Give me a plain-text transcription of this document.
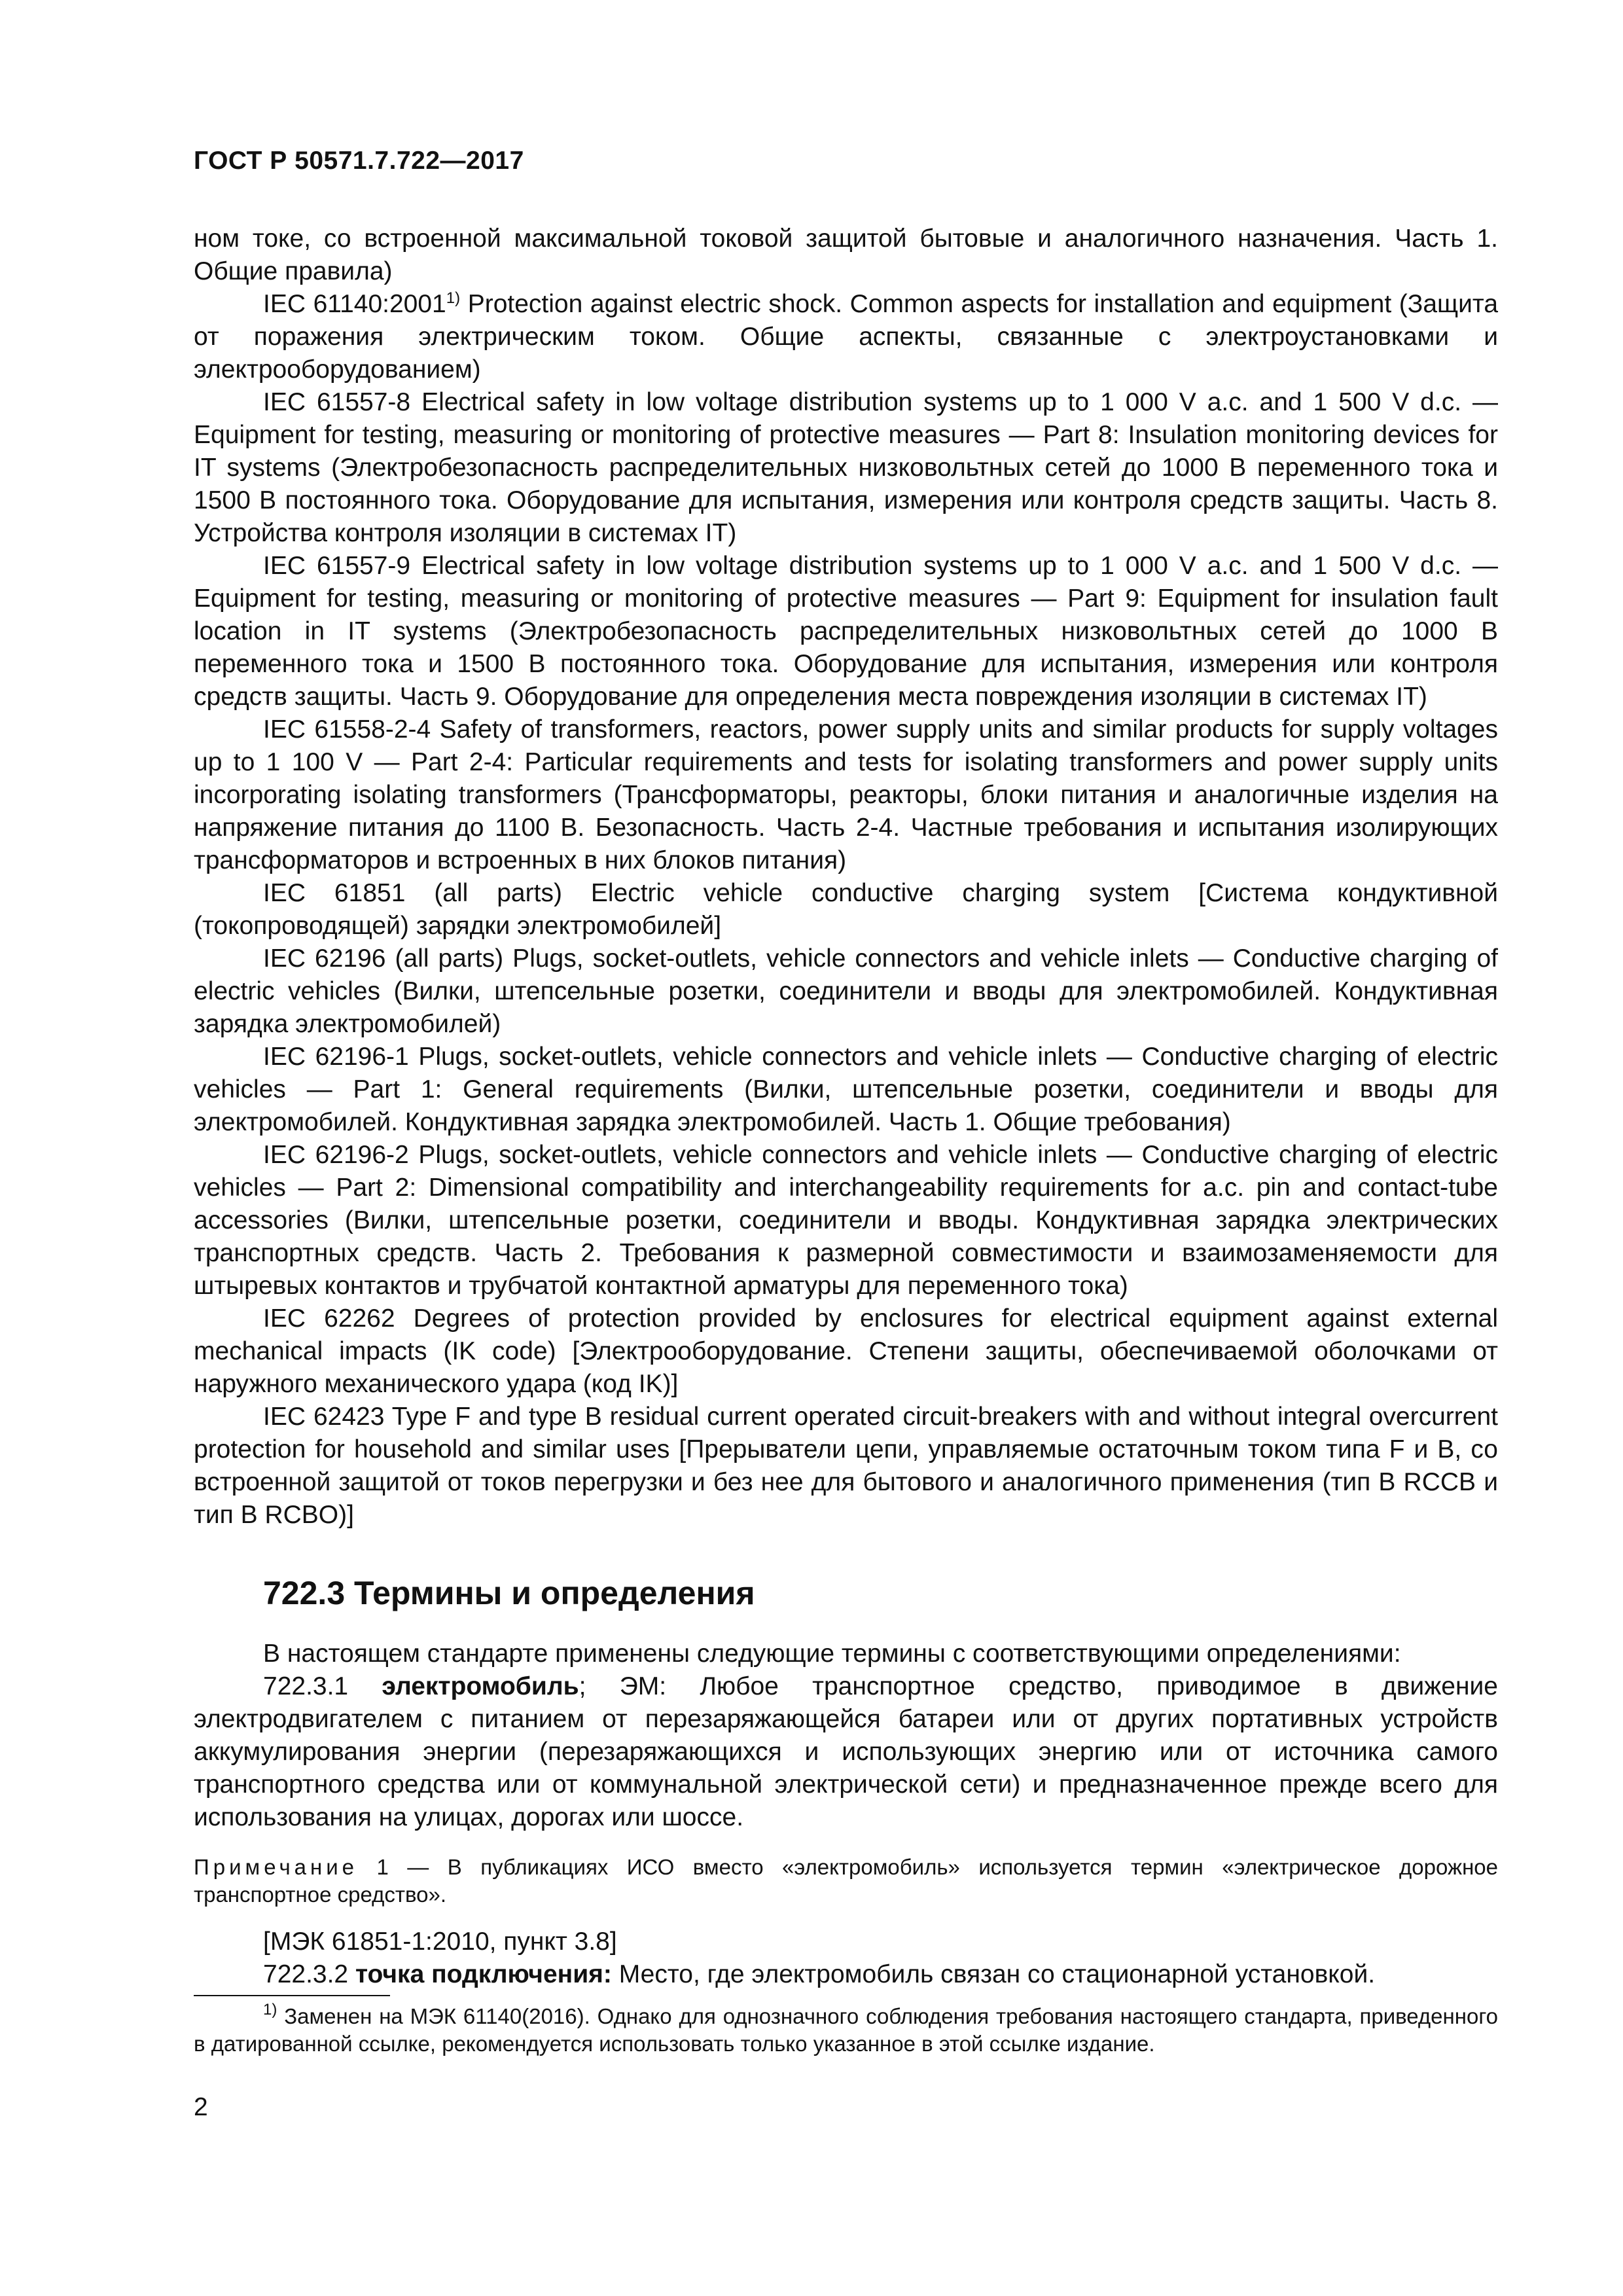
ГОСТ Р 50571.7.722—2017

ном токе, со встроенной максимальной токовой защитой бытовые и аналогичного назначения. Часть 1. Общие правила)

IEC 61140:2001$^{1)}$ Protection against electric shock. Common aspects for installation and equipment (Защита от поражения электрическим током. Общие аспекты, связанные с электроустановками и электрооборудованием)

IEC 61557-8 Electrical safety in low voltage distribution systems up to 1 000 V a.c. and 1 500 V d.c. — Equipment for testing, measuring or monitoring of protective measures — Part 8: Insulation monitoring devices for IT systems (Электробезопасность распределительных низковольтных сетей до 1000 В переменного тока и 1500 В постоянного тока. Оборудование для испытания, измерения или контроля средств защиты. Часть 8. Устройства контроля изоляции в системах IT)

IEC 61557-9 Electrical safety in low voltage distribution systems up to 1 000 V a.c. and 1 500 V d.c. — Equipment for testing, measuring or monitoring of protective measures — Part 9: Equipment for insulation fault location in IT systems (Электробезопасность распределительных низковольтных сетей до 1000 В переменного тока и 1500 В постоянного тока. Оборудование для испытания, измерения или контроля средств защиты. Часть 9. Оборудование для определения места повреждения изоляции в системах IT)

IEC 61558-2-4 Safety of transformers, reactors, power supply units and similar products for supply voltages up to 1 100 V — Part 2-4: Particular requirements and tests for isolating transformers and power supply units incorporating isolating transformers (Трансформаторы, реакторы, блоки питания и аналогичные изделия на напряжение питания до 1100 В. Безопасность. Часть 2-4. Частные требования и испытания изолирующих трансформаторов и встроенных в них блоков питания)

IEC 61851 (all parts) Electric vehicle conductive charging system [Система кондуктивной (токопроводящей) зарядки электромобилей]

IEC 62196 (all parts) Plugs, socket-outlets, vehicle connectors and vehicle inlets — Conductive charging of electric vehicles (Вилки, штепсельные розетки, соединители и вводы для электромобилей. Кондуктивная зарядка электромобилей)

IEC 62196-1 Plugs, socket-outlets, vehicle connectors and vehicle inlets — Conductive charging of electric vehicles — Part 1: General requirements (Вилки, штепсельные розетки, соединители и вводы для электромобилей. Кондуктивная зарядка электромобилей. Часть 1. Общие требования)

IEC 62196-2 Plugs, socket-outlets, vehicle connectors and vehicle inlets — Conductive charging of electric vehicles — Part 2: Dimensional compatibility and interchangeability requirements for a.c. pin and contact-tube accessories (Вилки, штепсельные розетки, соединители и вводы. Кондуктивная зарядка электрических транспортных средств. Часть 2. Требования к размерной совместимости и взаимозаменяемости для штыревых контактов и трубчатой контактной арматуры для переменного тока)

IEC 62262 Degrees of protection provided by enclosures for electrical equipment against external mechanical impacts (IK code) [Электрооборудование. Степени защиты, обеспечиваемой оболочками от наружного механического удара (код IK)]

IEC 62423 Type F and type B residual current operated circuit-breakers with and without integral overcurrent protection for household and similar uses [Прерыватели цепи, управляемые остаточным током типа F и B, со встроенной защитой от токов перегрузки и без нее для бытового и аналогичного применения (тип B RCCB и тип B RCBO)]

722.3 Термины и определения

В настоящем стандарте применены следующие термины с соответствующими определениями:

722.3.1 электромобиль; ЭМ: Любое транспортное средство, приводимое в движение электродвигателем с питанием от перезаряжающейся батареи или от других портативных устройств аккумулирования энергии (перезаряжающихся и использующих энергию или от источника самого транспортного средства или от коммунальной электрической сети) и предназначенное прежде всего для использования на улицах, дорогах или шоссе.

Примечание 1 — В публикациях ИСО вместо «электромобиль» используется термин «электрическое дорожное транспортное средство».

[МЭК 61851-1:2010, пункт 3.8]

722.3.2 точка подключения: Место, где электромобиль связан со стационарной установкой.

$^{1)}$ Заменен на МЭК 61140(2016). Однако для однозначного соблюдения требования настоящего стандарта, приведенного в датированной ссылке, рекомендуется использовать только указанное в этой ссылке издание.

2
